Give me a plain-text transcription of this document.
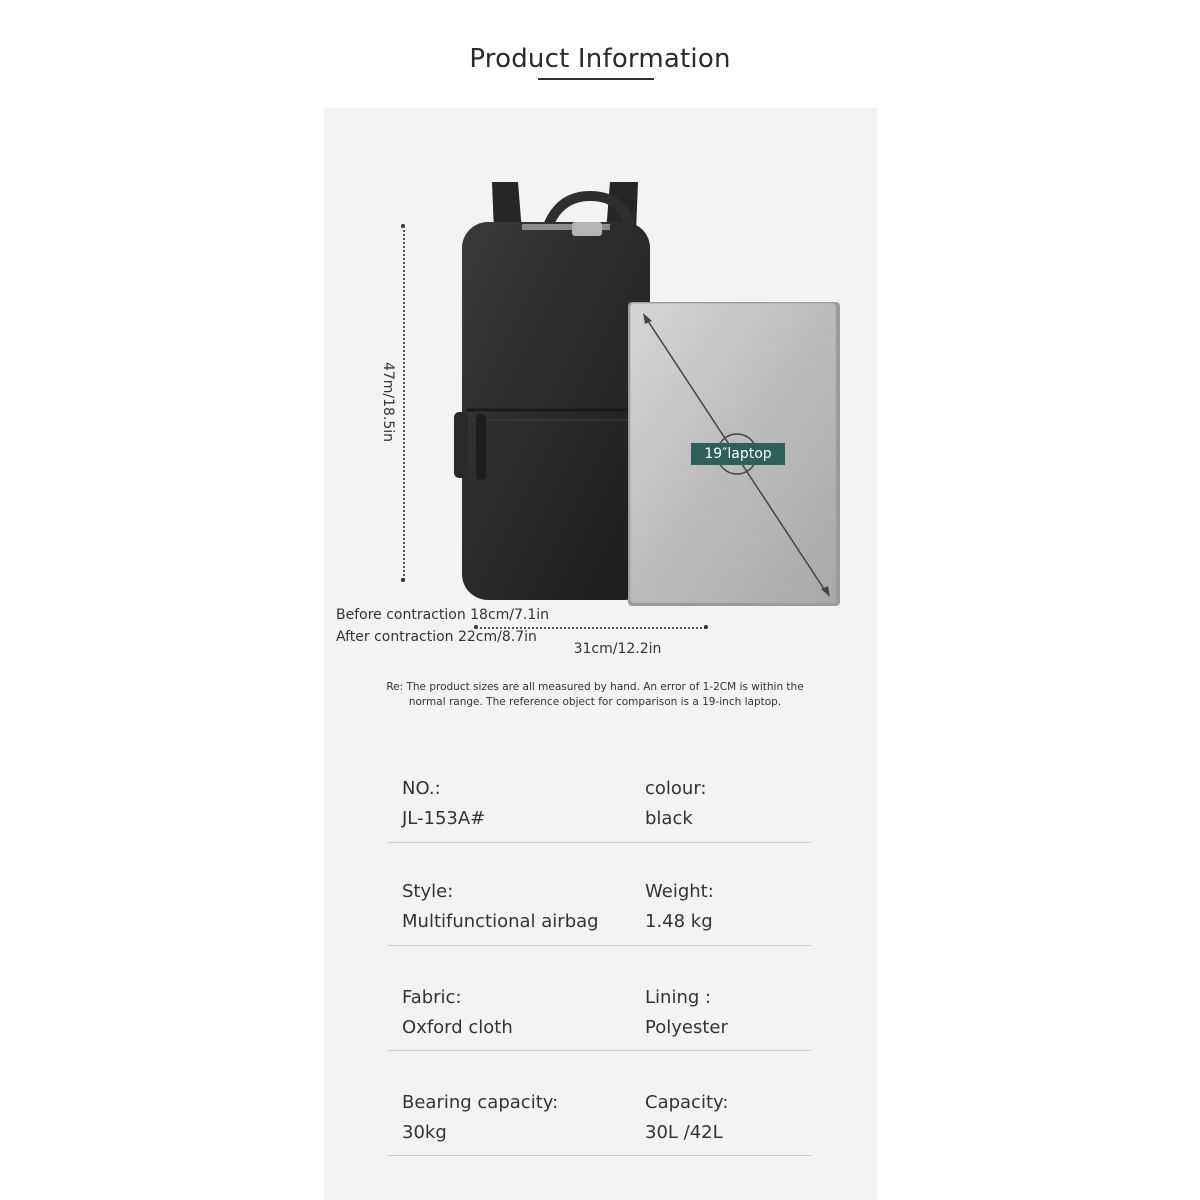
Product Information
19″laptop
47m/18.5in
31cm/12.2in
Before contraction 18cm/7.1in
After contraction 22cm/8.7in
Re: The product sizes are all measured by hand. An error of 1-2CM is within the
normal range. The reference object for comparison is a 19-inch laptop.
NO.:
JL-153A#
colour:
black
Style:
Multifunctional airbag
Weight:
1.48 kg
Fabric:
Oxford cloth
Lining :
Polyester
Bearing capacity:
30kg
Capacity:
30L /42L
